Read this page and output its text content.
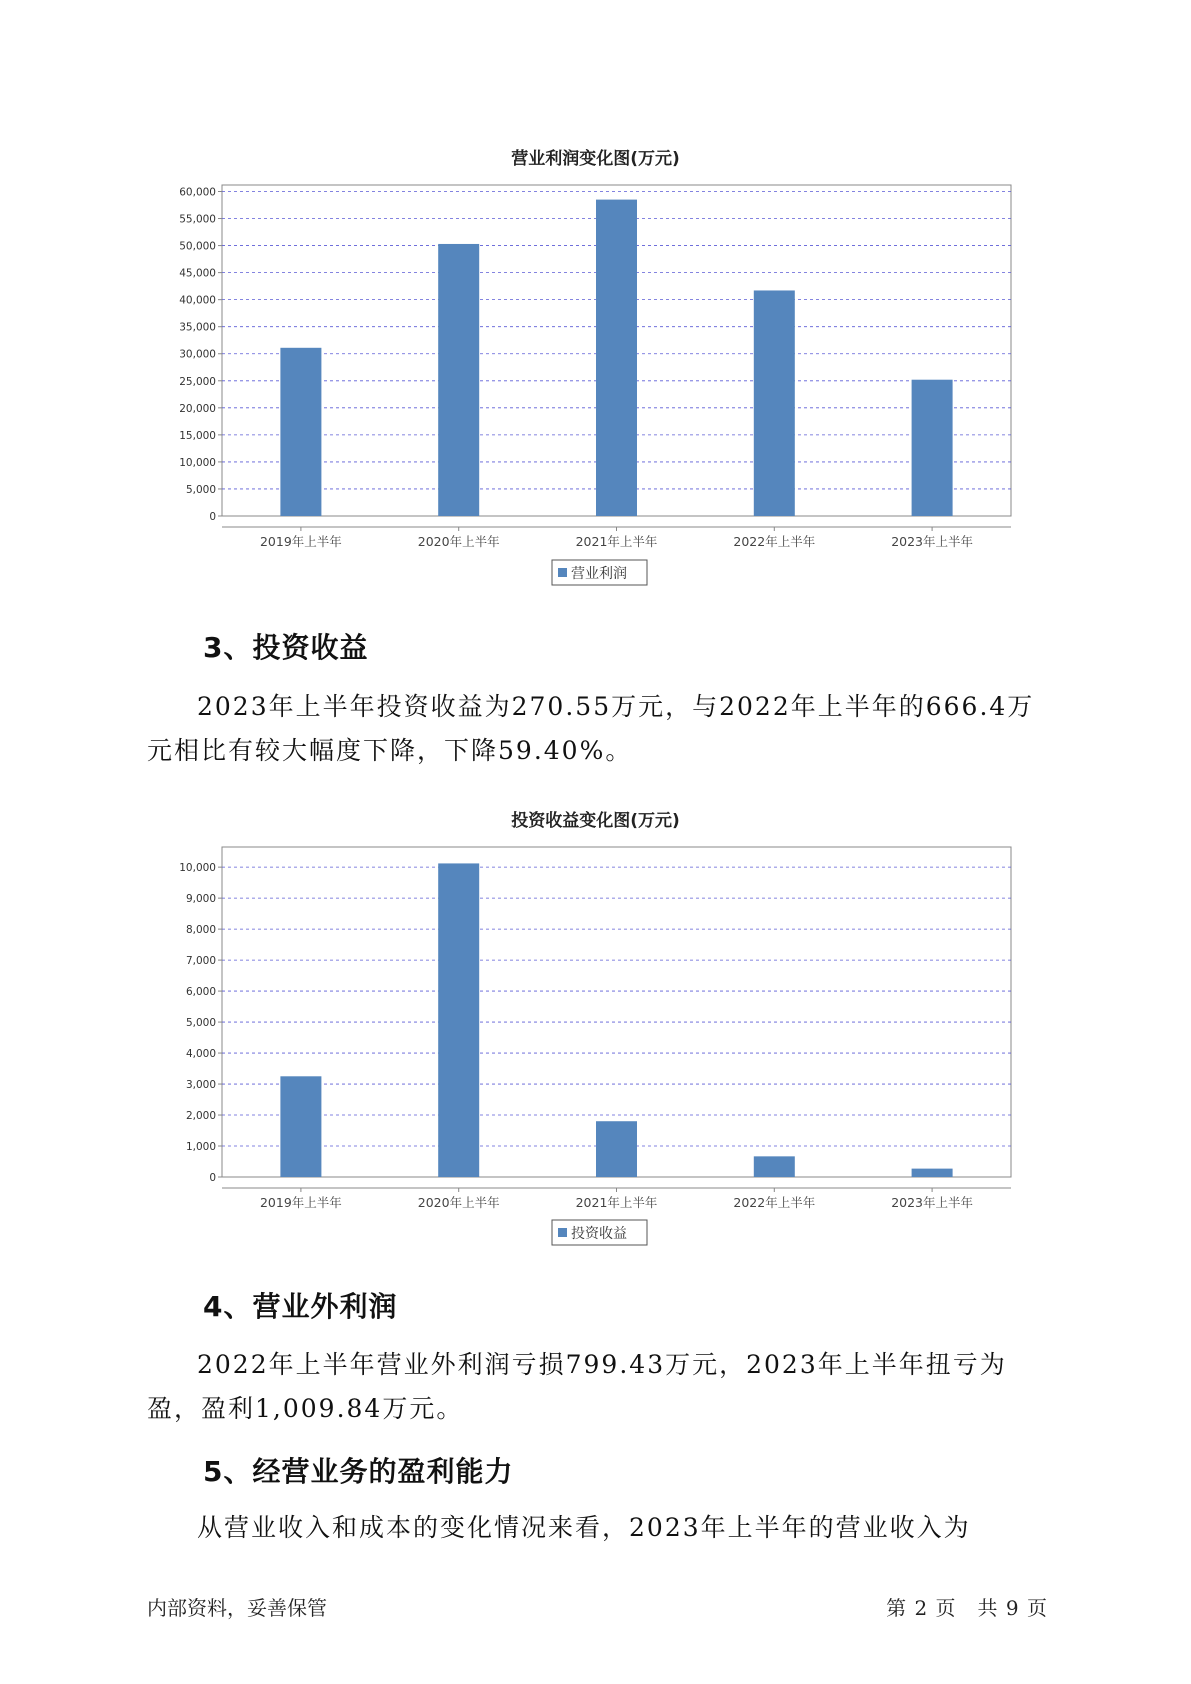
营业利润变化图(万元)
0
5,000
10,000
15,000
20,000
25,000
30,000
35,000
40,000
45,000
50,000
55,000
60,000
2019年上半年	2020年上半年	2021年上半年	2022年上半年	2023年上半年
营业利润
3、投资收益

2023年上半年投资收益为270.55万元，与2022年上半年的666.4万元相比有较大幅度下降，下降59.40%。

投资收益变化图(万元)
0
1,000
2,000
3,000
4,000
5,000
6,000
7,000
8,000
9,000
10,000
2019年上半年	2020年上半年	2021年上半年	2022年上半年	2023年上半年
投资收益
4、营业外利润

2022年上半年营业外利润亏损799.43万元，2023年上半年扭亏为盈，盈利1,009.84万元。

5、经营业务的盈利能力

从营业收入和成本的变化情况来看，2023年上半年的营业收入为

内部资料，妥善保管	第 2 页　共 9 页
